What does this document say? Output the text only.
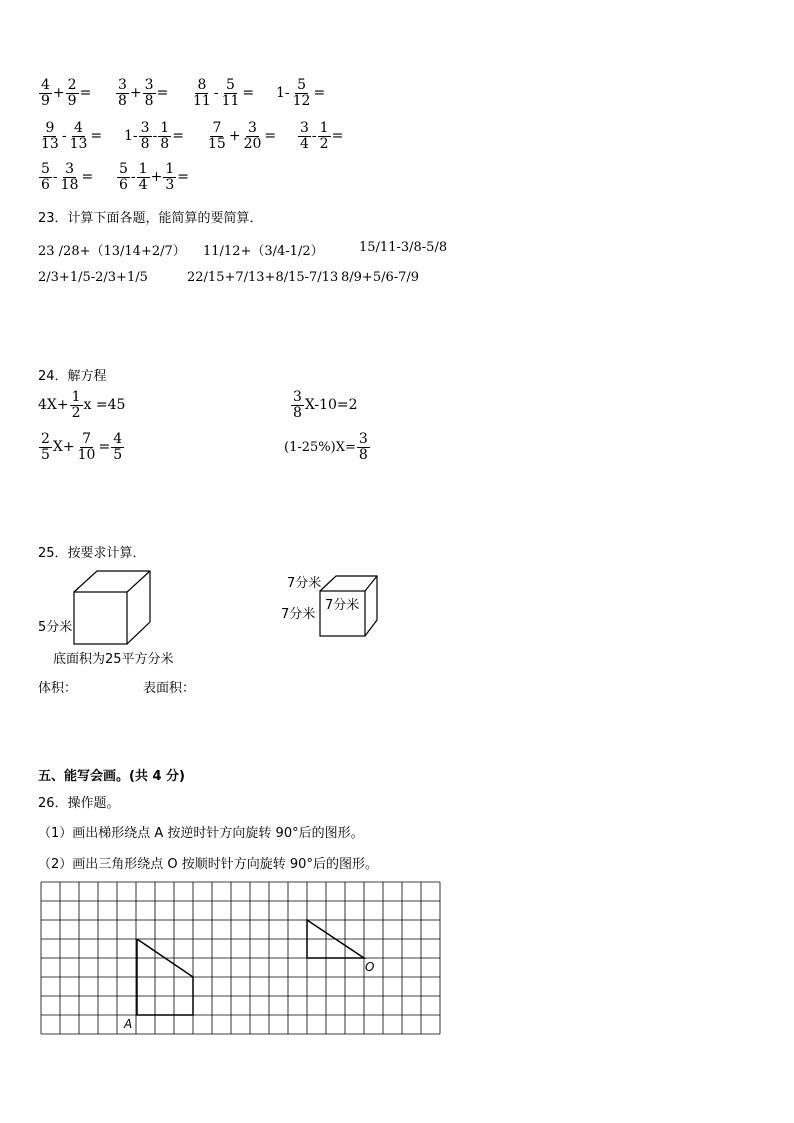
$\frac{4}{9} + \frac{2}{9} = \frac{3}{8} + \frac{3}{8} = \frac{8}{11} - \frac{5}{11} = 1- \frac{5}{12}$ =
$\frac{9}{13} - \frac{4}{13} = 1- \frac{3}{8} - \frac{1}{8} = \frac{7}{15} + \frac{3}{20} = \frac{3}{4} - \frac{1}{2}$ =
$\frac{5}{6} - \frac{3}{18} = \frac{5}{6} - \frac{1}{4} + \frac{1}{3}$ =
23．计算下面各题，能简算的要简算．
23 /28+（13/14+2/7） 11/12+（3/4-1/2）	15/11-3/8-5/8
2/3+1/5-2/3+1/5	22/15+7/13+8/15-7/13 8/9+5/6-7/9
24．解方程
$4X+ \frac{1}{2}$ x =45	$\frac{3}{8} X-10=2$
$\frac{2}{5} X+ \frac{7}{10} = \frac{4}{5}$	$(1-25\%)X= \frac{3}{8}$
25．按要求计算．
5分米
底面积为25平方分米
7分米
7分米
7分米
体积：	表面积：
五、能写会画。(共 4 分)
26．操作题。
（1）画出梯形绕点 A 按逆时针方向旋转 90°后的图形。
（2）画出三角形绕点 O 按顺时针方向旋转 90°后的图形。
A
O
